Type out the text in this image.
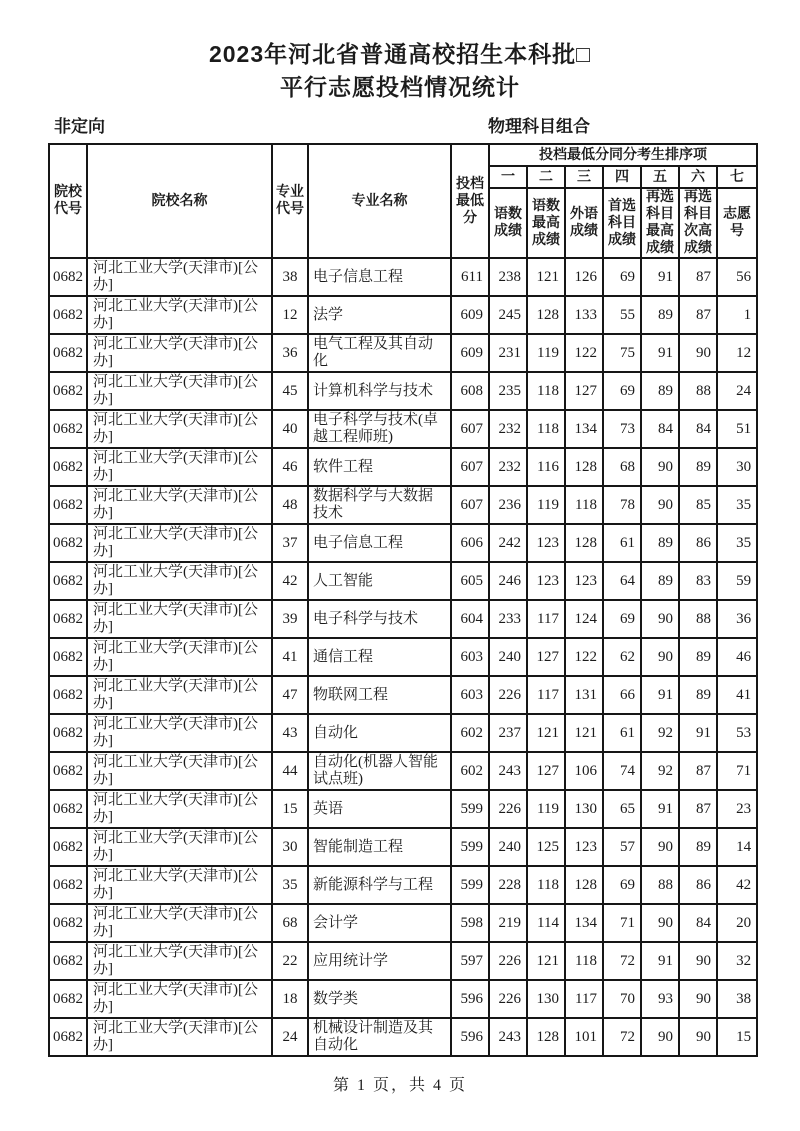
2023年河北省普通高校招生本科批□
平行志愿投档情况统计
非定向	物理科目组合
院校代号	院校名称	专业代号	专业名称	投档最低分	投档最低分同分考生排序项						
					一	二	三	四	五	六	七
					语数成绩	语数最高成绩	外语成绩	首选科目成绩	再选科目最高成绩	再选科目次高成绩	志愿号
0682	河北工业大学(天津市)[公办]	38	电子信息工程	611	238	121	126	69	91	87	56
0682	河北工业大学(天津市)[公办]	12	法学	609	245	128	133	55	89	87	1
0682	河北工业大学(天津市)[公办]	36	电气工程及其自动化	609	231	119	122	75	91	90	12
0682	河北工业大学(天津市)[公办]	45	计算机科学与技术	608	235	118	127	69	89	88	24
0682	河北工业大学(天津市)[公办]	40	电子科学与技术(卓越工程师班)	607	232	118	134	73	84	84	51
0682	河北工业大学(天津市)[公办]	46	软件工程	607	232	116	128	68	90	89	30
0682	河北工业大学(天津市)[公办]	48	数据科学与大数据技术	607	236	119	118	78	90	85	35
0682	河北工业大学(天津市)[公办]	37	电子信息工程	606	242	123	128	61	89	86	35
0682	河北工业大学(天津市)[公办]	42	人工智能	605	246	123	123	64	89	83	59
0682	河北工业大学(天津市)[公办]	39	电子科学与技术	604	233	117	124	69	90	88	36
0682	河北工业大学(天津市)[公办]	41	通信工程	603	240	127	122	62	90	89	46
0682	河北工业大学(天津市)[公办]	47	物联网工程	603	226	117	131	66	91	89	41
0682	河北工业大学(天津市)[公办]	43	自动化	602	237	121	121	61	92	91	53
0682	河北工业大学(天津市)[公办]	44	自动化(机器人智能试点班)	602	243	127	106	74	92	87	71
0682	河北工业大学(天津市)[公办]	15	英语	599	226	119	130	65	91	87	23
0682	河北工业大学(天津市)[公办]	30	智能制造工程	599	240	125	123	57	90	89	14
0682	河北工业大学(天津市)[公办]	35	新能源科学与工程	599	228	118	128	69	88	86	42
0682	河北工业大学(天津市)[公办]	68	会计学	598	219	114	134	71	90	84	20
0682	河北工业大学(天津市)[公办]	22	应用统计学	597	226	121	118	72	91	90	32
0682	河北工业大学(天津市)[公办]	18	数学类	596	226	130	117	70	93	90	38
0682	河北工业大学(天津市)[公办]	24	机械设计制造及其自动化	596	243	128	101	72	90	90	15
第 1 页，共 4 页
